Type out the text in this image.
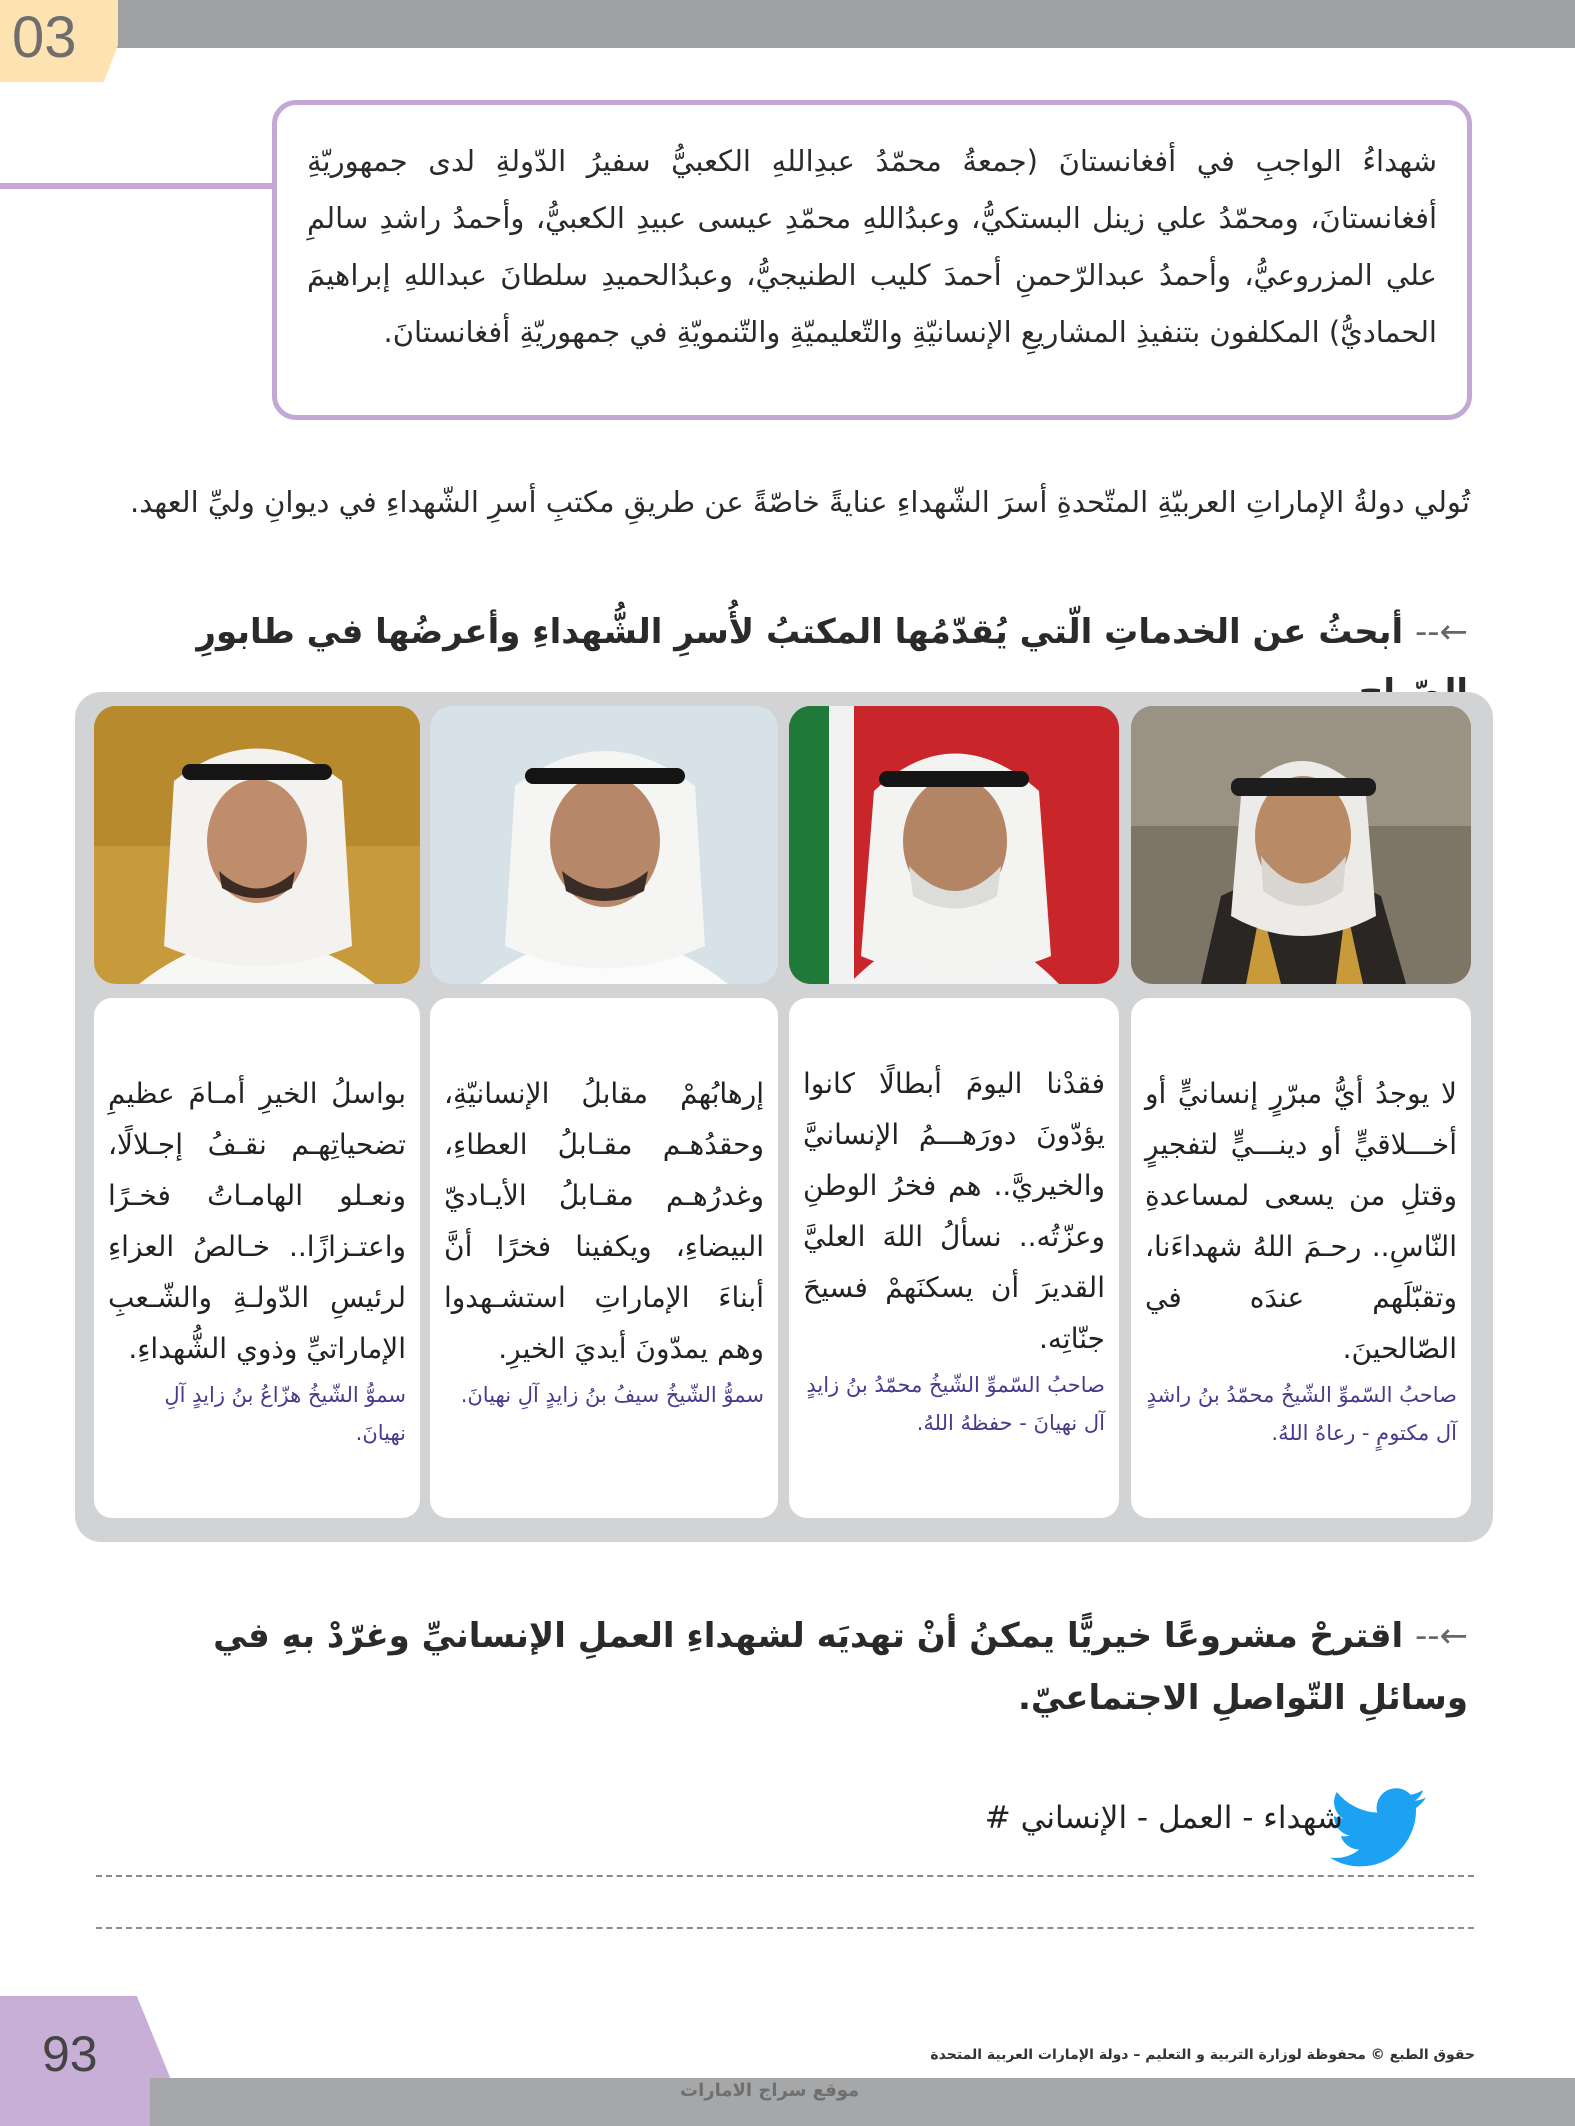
03
شهداءُ الواجبِ في أفغانستانَ (جمعةُ محمّدُ عبدِاللهِ الكعبيُّ سفيرُ الدّولةِ لدى جمهوريّةِ أفغانستانَ، ومحمّدُ علي زينل البستكيُّ، وعبدُاللهِ محمّدِ عيسى عبيدِ الكعبيُّ، وأحمدُ راشدِ سالمِ علي المزروعيُّ، وأحمدُ عبدالرّحمنِ أحمدَ كليب الطنيجيُّ، وعبدُالحميدِ سلطانَ عبداللهِ إبراهيمَ الحماديُّ) المكلفون بتنفيذِ المشاريعِ الإنسانيّةِ والتّعليميّةِ والتّنمويّةِ في جمهوريّةِ أفغانستانَ.
تُولي دولةُ الإماراتِ العربيّةِ المتّحدةِ أسرَ الشّهداءِ عنايةً خاصّةً عن طريقِ مكتبِ أسرِ الشّهداءِ في ديوانِ وليِّ العهد.
←-- أبحثُ عن الخدماتِ الّتي يُقدّمُها المكتبُ لأُسرِ الشُّهداءِ وأعرضُها في طابورِ
لا يوجدُ أيُّ مبرّرٍ إنسانيٍّ أو أخـــلاقيٍّ أو دينـــيٍّ لتفجيرٍ وقتلِ من يسعى لمساعدةِ النّاسِ.. رحـمَ اللهُ شهداءَنا، وتقبّلَهم عندَه في الصّالحينَ.
صاحبُ السّموِّ الشّيخُ محمّدُ بنُ راشدٍ آل مكتومٍ - رعاهُ اللهُ.
فقدْنا اليومَ أبطالًا كانوا يؤدّونَ دورَهـــمُ الإنسانيَّ والخيريَّ.. هم فخرُ الوطنِ وعزّتُه.. نسألُ اللهَ العليَّ القديرَ أن يسكنَهمْ فسيحَ جنّاتِه.
صاحبُ السّموِّ الشّيخُ محمّدُ بنُ زايدٍ آل نهيانَ - حفظهُ اللهُ.
إرهابُهمْ مقابلُ الإنسانيّةِ، وحقدُهـم مقـابلُ العطاءِ، وغدرُهـم مقـابلُ الأيـاديّ البيضاءِ، ويكفينا فخرًا أنَّ أبناءَ الإماراتِ استشـهدوا وهم يمدّونَ أيديَ الخيرِ.
سموُّ الشّيخُ سيفُ بنُ زايدٍ آلِ نهيانَ.
بواسلُ الخيرِ أمـامَ عظيمِ تضحياتِهـم نقـفُ إجـلالًا، ونعـلو الهامـاتُ فخـرًا واعتـزازًا.. خـالصُ العزاءِ لرئيسِ الدّولـةِ والشّـعبِ الإماراتيِّ وذوي الشُّهداءِ.
سموُّ الشّيخُ هزّاعُ بنُ زايدٍ آلِ نهيانَ.
←-- اقترحْ مشروعًا خيريًّا يمكنُ أنْ تهديَه لشهداءِ العملِ الإنسانيِّ وغرّدْ بهِ في وسائلِ التّواصلِ الاجتماعيّ.
شهداء - العمل - الإنساني #
93
موقع سراج الامارات
حقوق الطبع © محفوظة لوزارة التربية و التعليم – دولة الإمارات العربية المتحدة
